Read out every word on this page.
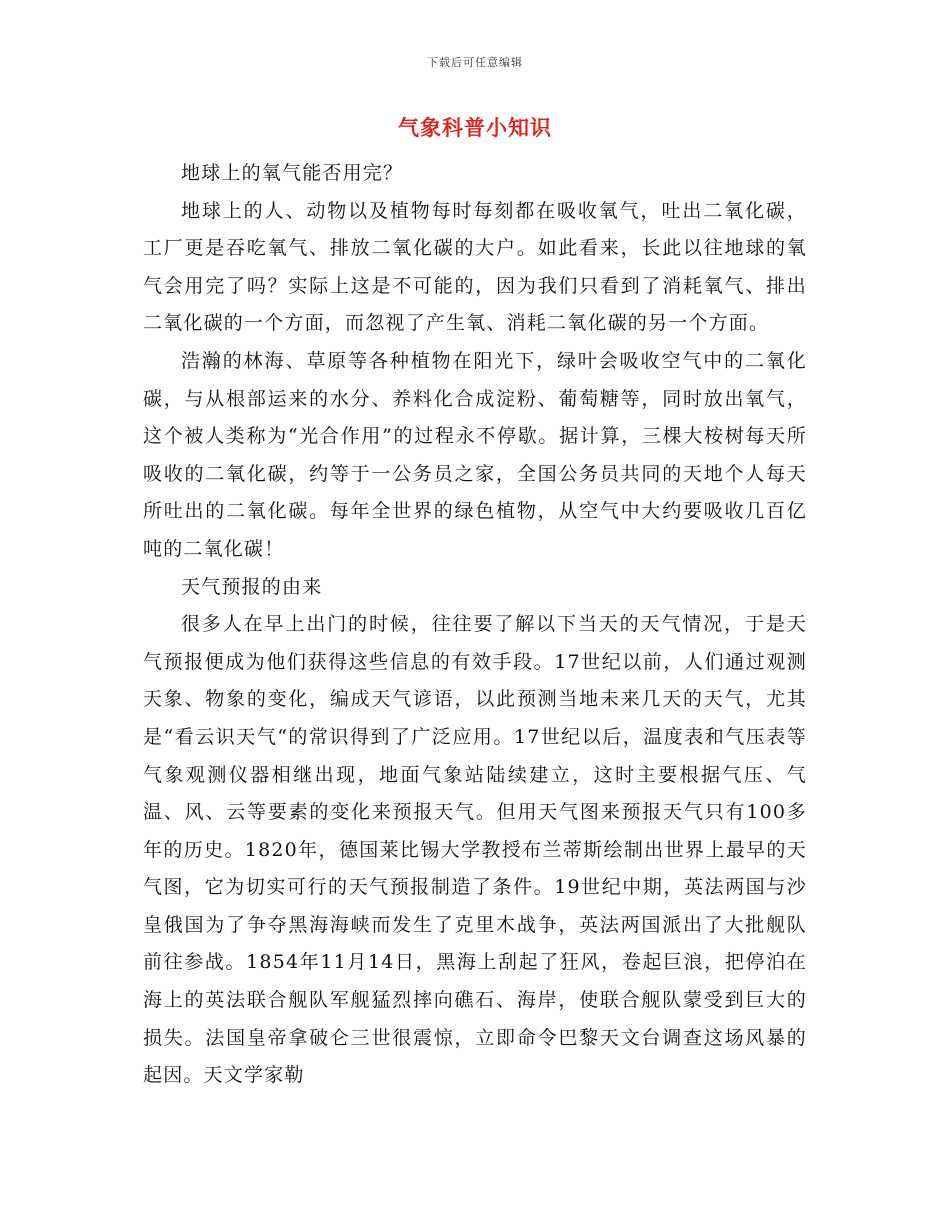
下载后可任意编辑
气象科普小知识

地球上的氧气能否用完？

地球上的人、动物以及植物每时每刻都在吸收氧气，吐出二氧化碳，工厂更是吞吃氧气、排放二氧化碳的大户。如此看来，长此以往地球的氧气会用完了吗？实际上这是不可能的，因为我们只看到了消耗氧气、排出二氧化碳的一个方面，而忽视了产生氧、消耗二氧化碳的另一个方面。

浩瀚的林海、草原等各种植物在阳光下，绿叶会吸收空气中的二氧化碳，与从根部运来的水分、养料化合成淀粉、葡萄糖等，同时放出氧气，这个被人类称为“光合作用”的过程永不停歇。据计算，三棵大桉树每天所吸收的二氧化碳，约等于一公务员之家，全国公务员共同的天地个人每天所吐出的二氧化碳。每年全世界的绿色植物，从空气中大约要吸收几百亿吨的二氧化碳！

天气预报的由来

很多人在早上出门的时候，往往要了解以下当天的天气情况，于是天气预报便成为他们获得这些信息的有效手段。17世纪以前，人们通过观测天象、物象的变化，编成天气谚语，以此预测当地未来几天的天气，尤其是“看云识天气“的常识得到了广泛应用。17世纪以后，温度表和气压表等气象观测仪器相继出现，地面气象站陆续建立，这时主要根据气压、气温、风、云等要素的变化来预报天气。但用天气图来预报天气只有100多年的历史。1820年，德国莱比锡大学教授布兰蒂斯绘制出世界上最早的天气图，它为切实可行的天气预报制造了条件。19世纪中期，英法两国与沙皇俄国为了争夺黑海海峡而发生了克里木战争，英法两国派出了大批舰队前往参战。1854年11月14日，黑海上刮起了狂风，卷起巨浪，把停泊在海上的英法联合舰队军舰猛烈摔向礁石、海岸，使联合舰队蒙受到巨大的损失。法国皇帝拿破仑三世很震惊，立即命令巴黎天文台调查这场风暴的起因。天文学家勒
